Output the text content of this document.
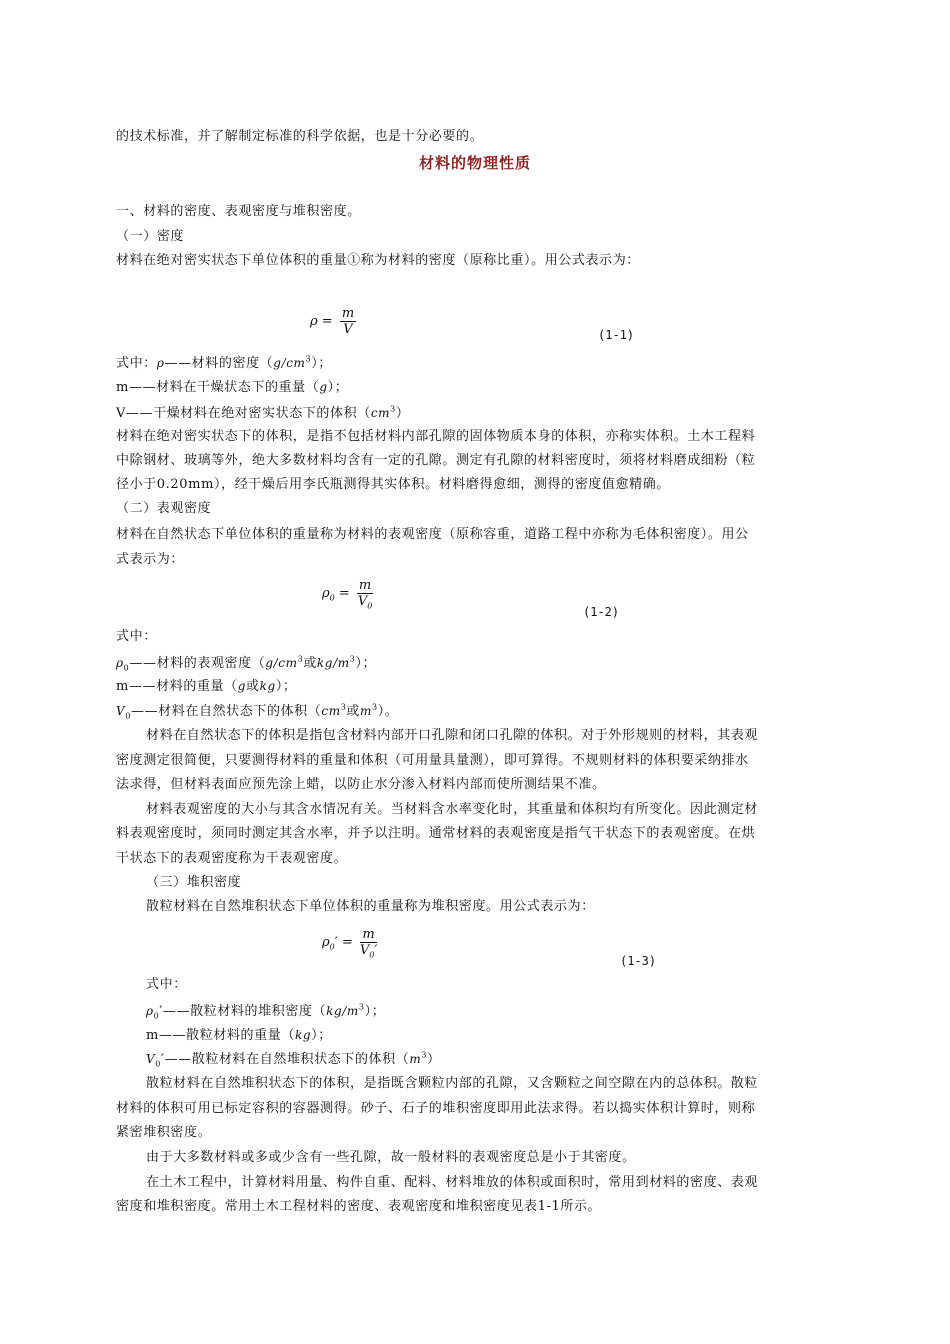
的技术标准，并了解制定标准的科学依据，也是十分必要的。
材料的物理性质
一、材料的密度、表观密度与堆积密度。
（一）密度
材料在绝对密实状态下单位体积的重量①称为材料的密度（原称比重）。用公式表示为：
$\rho = \frac{m}{V}$	(1-1)
式中：ρ——材料的密度$(g/cm^3)$；
m——材料在干燥状态下的重量（g）；
V——干燥材料在绝对密实状态下的体积$(cm^3)$
材料在绝对密实状态下的体积，是指不包括材料内部孔隙的固体物质本身的体积，亦称实体积。土木工程料
中除钢材、玻璃等外，绝大多数材料均含有一定的孔隙。测定有孔隙的材料密度时，须将材料磨成细粉（粒
径小于0.20mm），经干燥后用李氏瓶测得其实体积。材料磨得愈细，测得的密度值愈精确。
（二）表观密度
材料在自然状态下单位体积的重量称为材料的表观密度（原称容重，道路工程中亦称为毛体积密度）。用公
式表示为：
$\rho_0 = \frac{m}{V_0}$
(1-2)
式中：
$\rho_0——$材料的表观密度（$g/cm^3$或$kg/m^3$）；
m——材料的重量（g或kg）；
$V_0——$材料在自然状态下的体积（$cm^3$或$m^3$）。
材料在自然状态下的体积是指包含材料内部开口孔隙和闭口孔隙的体积。对于外形规则的材料，其表观
密度测定很简便，只要测得材料的重量和体积（可用量具量测），即可算得。不规则材料的体积要采纳排水
法求得，但材料表面应预先涂上蜡，以防止水分渗入材料内部而使所测结果不准。
材料表观密度的大小与其含水情况有关。当材料含水率变化时，其重量和体积均有所变化。因此测定材
料表观密度时，须同时测定其含水率，并予以注明。通常材料的表观密度是指气干状态下的表观密度。在烘
干状态下的表观密度称为干表观密度。
（三）堆积密度
散粒材料在自然堆积状态下单位体积的重量称为堆积密度。用公式表示为：
$\rho_0' = \frac{m}{V_0'}$
(1-3)
式中：
$\rho_0'——$散粒材料的堆积密度$(kg/m^3)$；
m——散粒材料的重量（kg）；
$V_0'——$散粒材料在自然堆积状态下的体积$(m^3)$
散粒材料在自然堆积状态下的体积，是指既含颗粒内部的孔隙，又含颗粒之间空隙在内的总体积。散粒
材料的体积可用已标定容积的容器测得。砂子、石子的堆积密度即用此法求得。若以捣实体积计算时，则称
紧密堆积密度。
由于大多数材料或多或少含有一些孔隙，故一般材料的表观密度总是小于其密度。
在土木工程中，计算材料用量、构件自重、配料、材料堆放的体积或面积时，常用到材料的密度、表观
密度和堆积密度。常用土木工程材料的密度、表观密度和堆积密度见表1-1所示。
